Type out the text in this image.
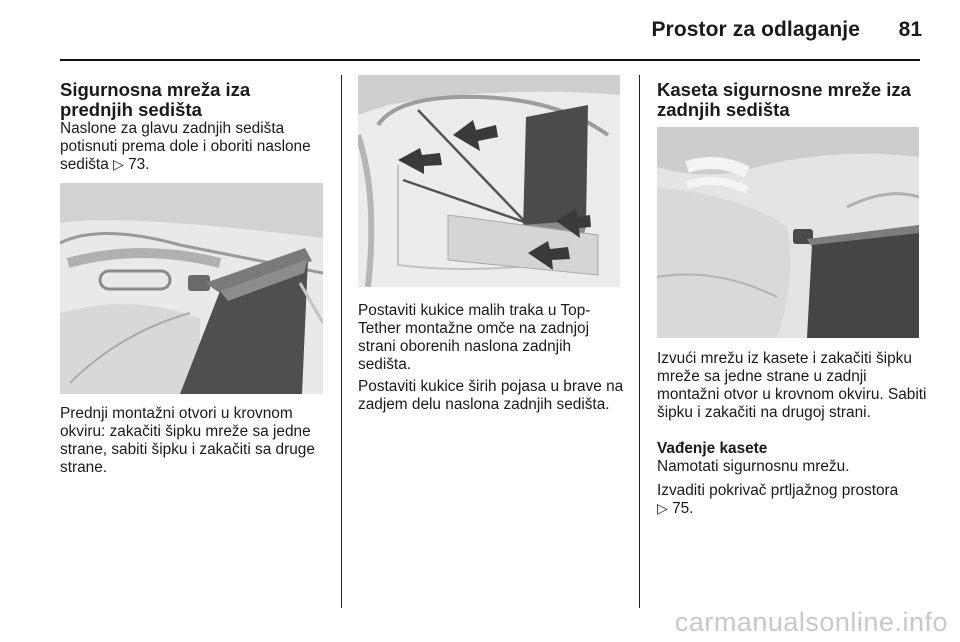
Prostor za odlaganje 81

Sigurnosna mreža iza prednjih sedišta

Naslone za glavu zadnjih sedišta potisnuti prema dole i oboriti naslone sedišta ▷ 73.

Prednji montažni otvori u krovnom okviru: zakačiti šipku mreže sa jedne strane, sabiti šipku i zakačiti sa druge strane.

Postaviti kukice malih traka u Top-Tether montažne omče na zadnjoj strani oborenih naslona zadnjih sedišta.

Postaviti kukice širih pojasa u brave na zadjem delu naslona zadnjih sedišta.

Kaseta sigurnosne mreže iza zadnjih sedišta

Izvući mrežu iz kasete i zakačiti šipku mreže sa jedne strane u zadnji montažni otvor u krovnom okviru. Sabiti šipku i zakačiti na drugoj strani.

Vađenje kasete

Namotati sigurnosnu mrežu.

Izvaditi pokrivač prtljažnog prostora
▷ 75.

carmanualsonline.info
